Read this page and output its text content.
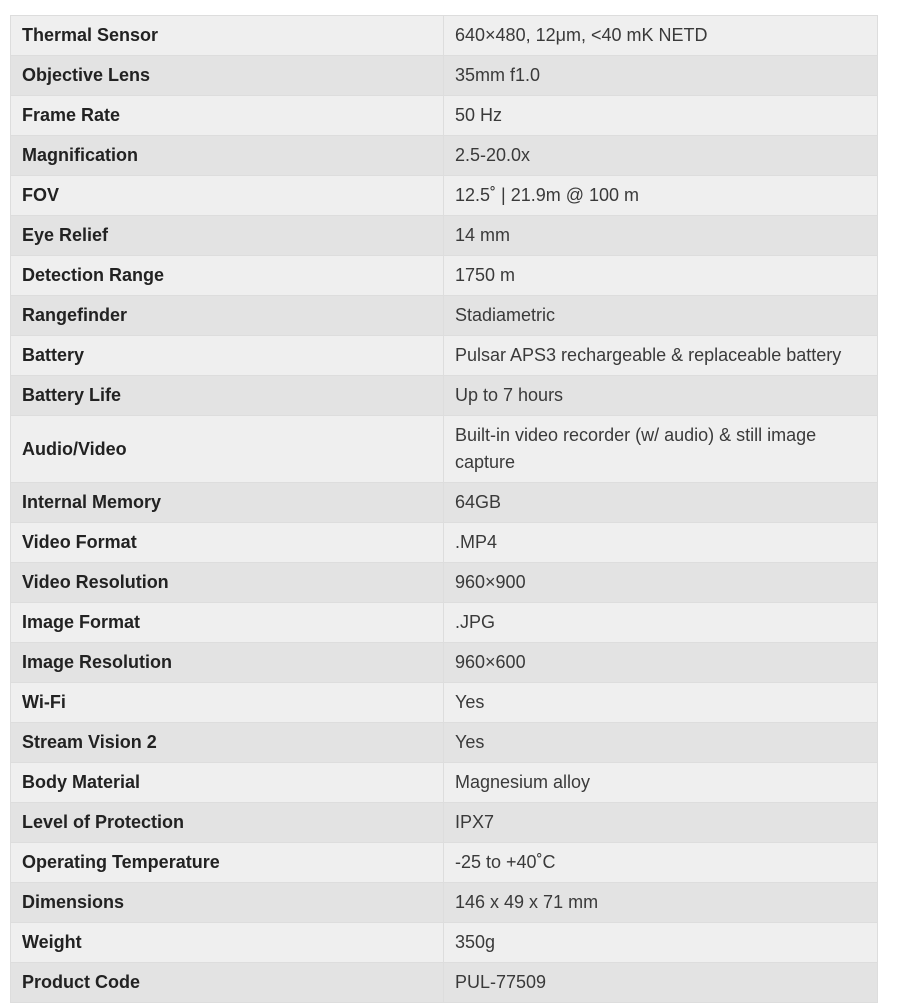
Thermal Sensor	640×480, 12μm, <40 mK NETD
Objective Lens	35mm f1.0
Frame Rate	50 Hz
Magnification	2.5-20.0x
FOV	12.5˚ | 21.9m @ 100 m
Eye Relief	14 mm
Detection Range	1750 m
Rangefinder	Stadiametric
Battery	Pulsar APS3 rechargeable & replaceable battery
Battery Life	Up to 7 hours
Audio/Video	Built-in video recorder (w/ audio) & still image capture
Internal Memory	64GB
Video Format	.MP4
Video Resolution	960×900
Image Format	.JPG
Image Resolution	960×600
Wi-Fi	Yes
Stream Vision 2	Yes
Body Material	Magnesium alloy
Level of Protection	IPX7
Operating Temperature	-25 to +40˚C
Dimensions	146 x 49 x 71 mm
Weight	350g
Product Code	PUL-77509
